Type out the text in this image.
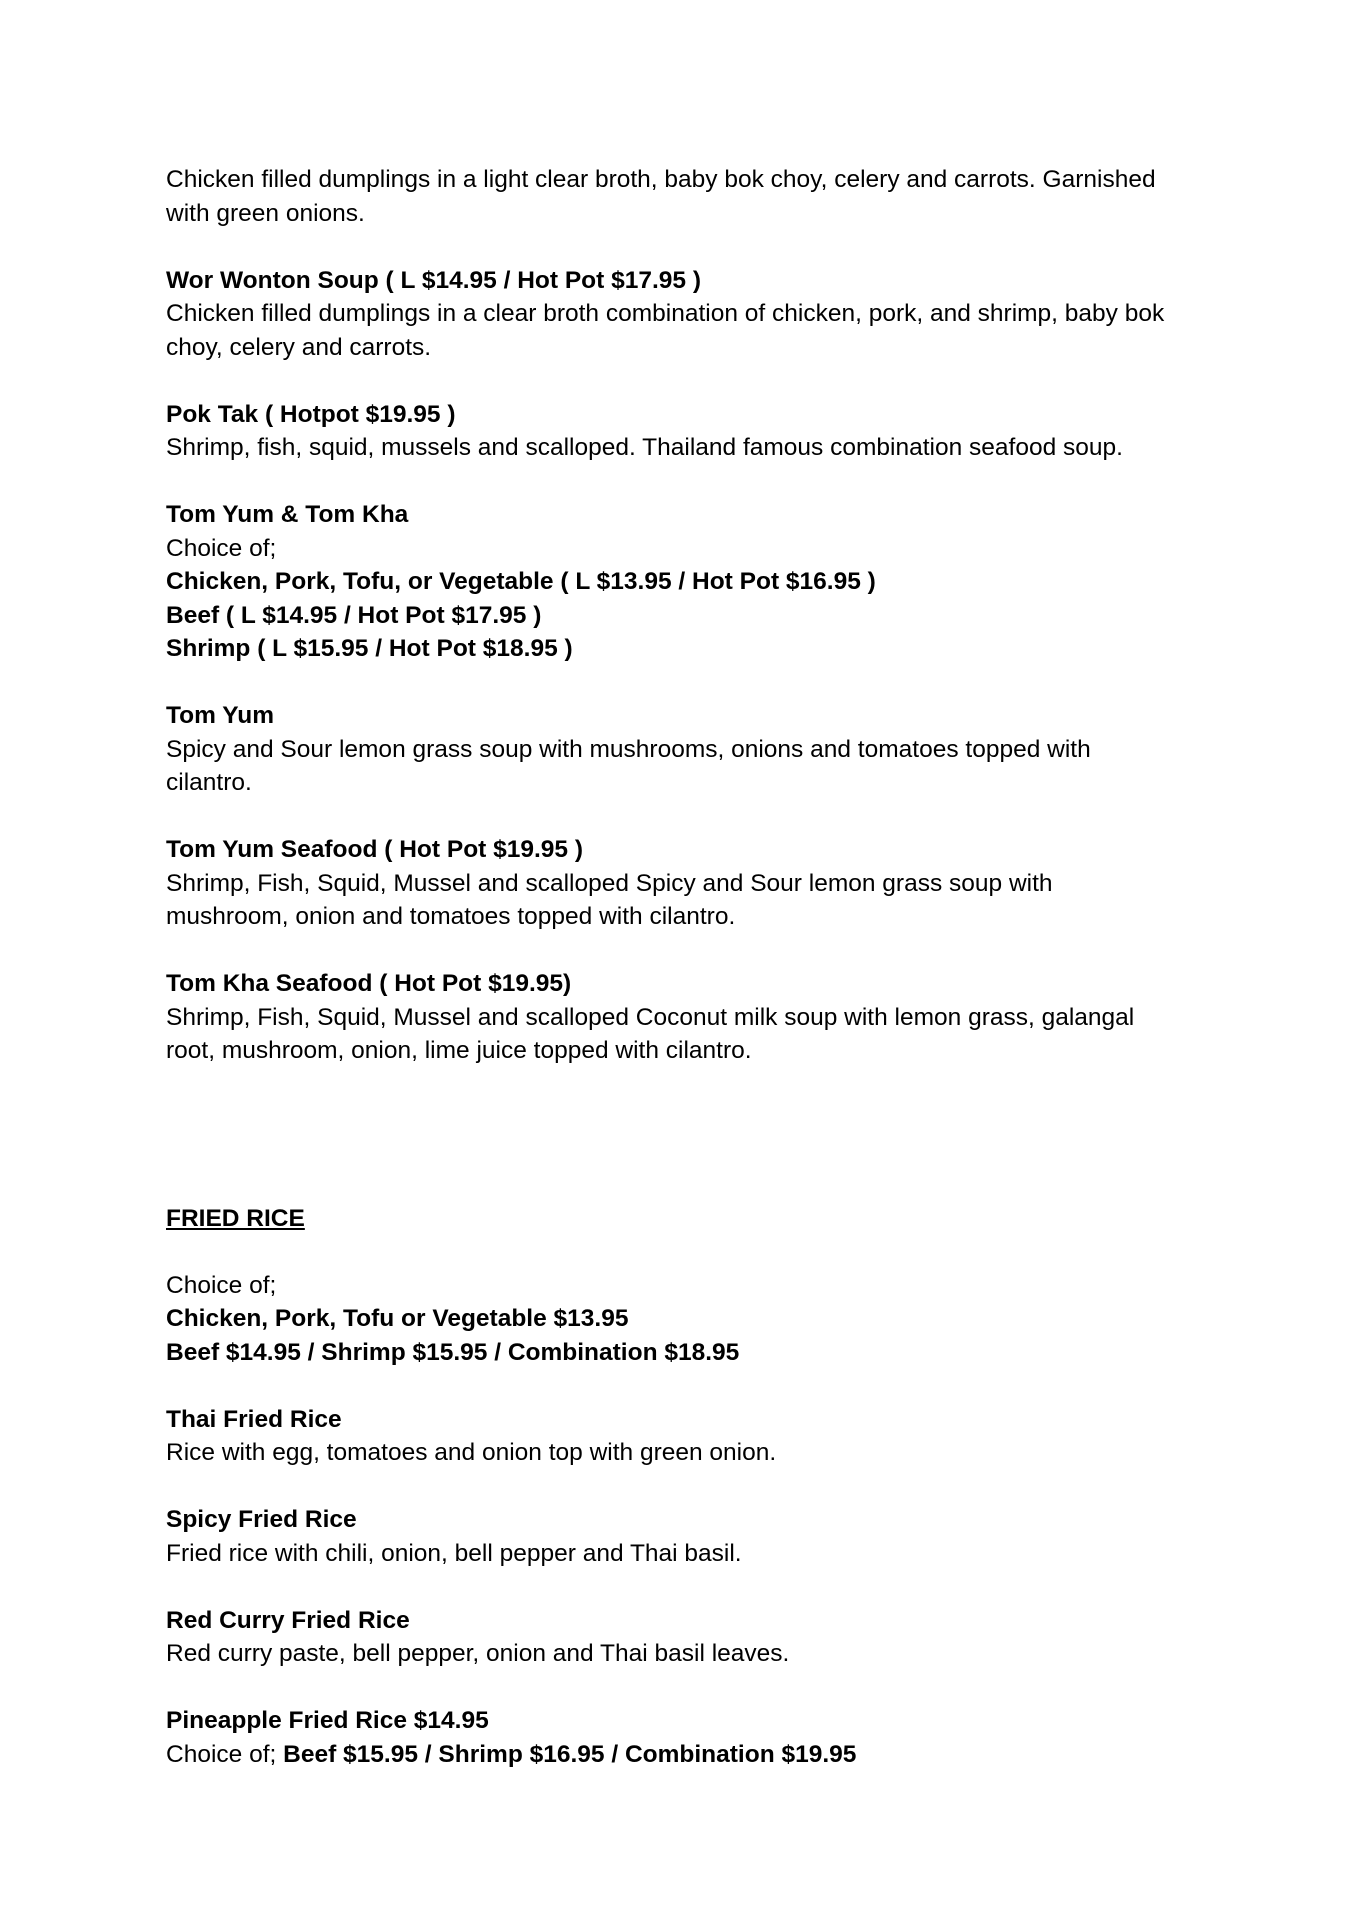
Chicken filled dumplings in a light clear broth, baby bok choy, celery and carrots. Garnished
with green onions.
Wor Wonton Soup ( L $14.95 / Hot Pot $17.95 )
Chicken filled dumplings in a clear broth combination of chicken, pork, and shrimp, baby bok
choy, celery and carrots.
Pok Tak ( Hotpot $19.95 )
Shrimp, fish, squid, mussels and scalloped. Thailand famous combination seafood soup.
Tom Yum & Tom Kha
Choice of;
Chicken, Pork, Tofu, or Vegetable ( L $13.95 / Hot Pot $16.95 )
Beef ( L $14.95 / Hot Pot $17.95 )
Shrimp ( L $15.95 / Hot Pot $18.95 )
Tom Yum
Spicy and Sour lemon grass soup with mushrooms, onions and tomatoes topped with
cilantro.
Tom Yum Seafood ( Hot Pot $19.95 )
Shrimp, Fish, Squid, Mussel and scalloped Spicy and Sour lemon grass soup with
mushroom, onion and tomatoes topped with cilantro.
Tom Kha Seafood ( Hot Pot $19.95)
Shrimp, Fish, Squid, Mussel and scalloped Coconut milk soup with lemon grass, galangal
root, mushroom, onion, lime juice topped with cilantro.
FRIED RICE
Choice of;
Chicken, Pork, Tofu or Vegetable $13.95
Beef $14.95 / Shrimp $15.95 / Combination $18.95
Thai Fried Rice
Rice with egg, tomatoes and onion top with green onion.
Spicy Fried Rice
Fried rice with chili, onion, bell pepper and Thai basil.
Red Curry Fried Rice
Red curry paste, bell pepper, onion and Thai basil leaves.
Pineapple Fried Rice $14.95
Choice of; Beef $15.95 / Shrimp $16.95 / Combination $19.95
